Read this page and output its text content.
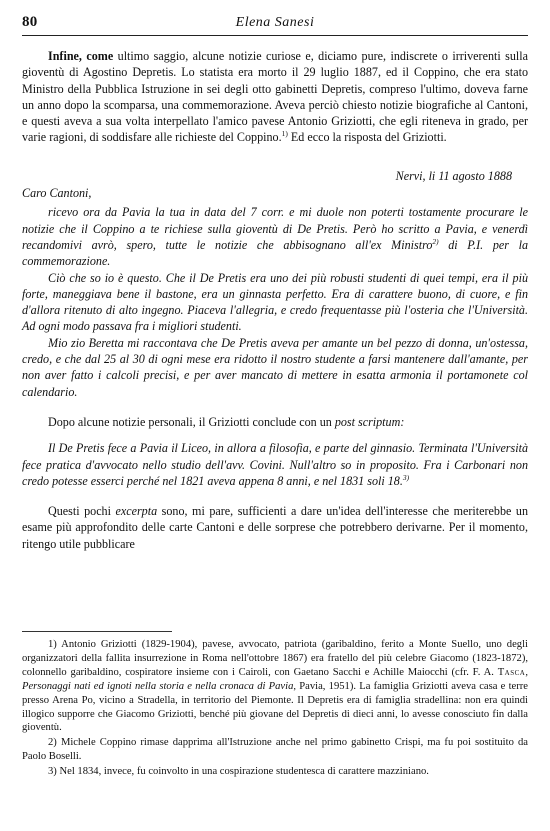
80	Elena Sanesi

Infine, come ultimo saggio, alcune notizie curiose e, diciamo pure, indiscrete o irriverenti sulla gioventù di Agostino Depretis. Lo statista era morto il 29 luglio 1887, ed il Coppino, che era stato Ministro della Pubblica Istruzione in sei degli otto gabinetti Depretis, compreso l'ultimo, doveva farne un anno dopo la scomparsa, una commemorazione. Aveva perciò chiesto notizie biografiche al Cantoni, e questi aveva a sua volta interpellato l'amico pavese Antonio Griziotti, che egli riteneva in grado, per varie ragioni, di soddisfare alle richieste del Coppino.$^{1)}$ Ed ecco la risposta del Griziotti.

Nervi, li 11 agosto 1888

Caro Cantoni,

ricevo ora da Pavia la tua in data del 7 corr. e mi duole non poterti tostamente procurare le notizie che il Coppino a te richiese sulla gioventù di De Pretis. Però ho scritto a Pavia, e venerdì recandomivi avrò, spero, tutte le notizie che abbisognano all'ex Ministro$^{2)}$ di P.I. per la commemorazione.

Ciò che so io è questo. Che il De Pretis era uno dei più robusti studenti di quei tempi, era il più forte, maneggiava bene il bastone, era un ginnasta perfetto. Era di carattere buono, di cuore, e fin d'allora ritenuto di alto ingegno. Piaceva l'allegria, e credo frequentasse più l'osteria che l'Università. Ad ogni modo passava fra i migliori studenti.

Mio zio Beretta mi raccontava che De Pretis aveva per amante un bel pezzo di donna, un'ostessa, credo, e che dal 25 al 30 di ogni mese era ridotto il nostro studente a farsi mantenere dall'amante, per non aver fatto i calcoli precisi, e per aver mancato di mettere in esatta armonia il portamonete col calendario.

Dopo alcune notizie personali, il Griziotti conclude con un post scriptum:

Il De Pretis fece a Pavia il Liceo, in allora a filosofia, e parte del ginnasio. Terminata l'Università fece pratica d'avvocato nello studio dell'avv. Covini. Null'altro so in proposito. Fra i Carbonari non credo potesse esserci perché nel 1821 aveva appena 8 anni, e nel 1831 soli 18.$^{3)}$

Questi pochi excerpta sono, mi pare, sufficienti a dare un'idea dell'interesse che meriterebbe un esame più approfondito delle carte Cantoni e delle sorprese che potrebbero derivarne. Per il momento, ritengo utile pubblicare

1) Antonio Griziotti (1829-1904), pavese, avvocato, patriota (garibaldino, ferito a Monte Suello, uno degli organizzatori della fallita insurrezione in Roma nell'ottobre 1867) era fratello del più celebre Giacomo (1823-1872), colonnello garibaldino, cospiratore insieme con i Cairoli, con Gaetano Sacchi e Achille Maiocchi (cfr. F. A. Tasca, Personaggi nati ed ignoti nella storia e nella cronaca di Pavia, Pavia, 1951). La famiglia Griziotti aveva casa e terre presso Arena Po, vicino a Stradella, in territorio del Piemonte. Il Depretis era di famiglia stradellina: non era quindi illogico supporre che Giacomo Griziotti, benché più giovane del Depretis di dieci anni, lo avesse conosciuto fin dalla gioventù.

2) Michele Coppino rimase dapprima all'Istruzione anche nel primo gabinetto Crispi, ma fu poi sostituito da Paolo Boselli.

3) Nel 1834, invece, fu coinvolto in una cospirazione studentesca di carattere mazziniano.
